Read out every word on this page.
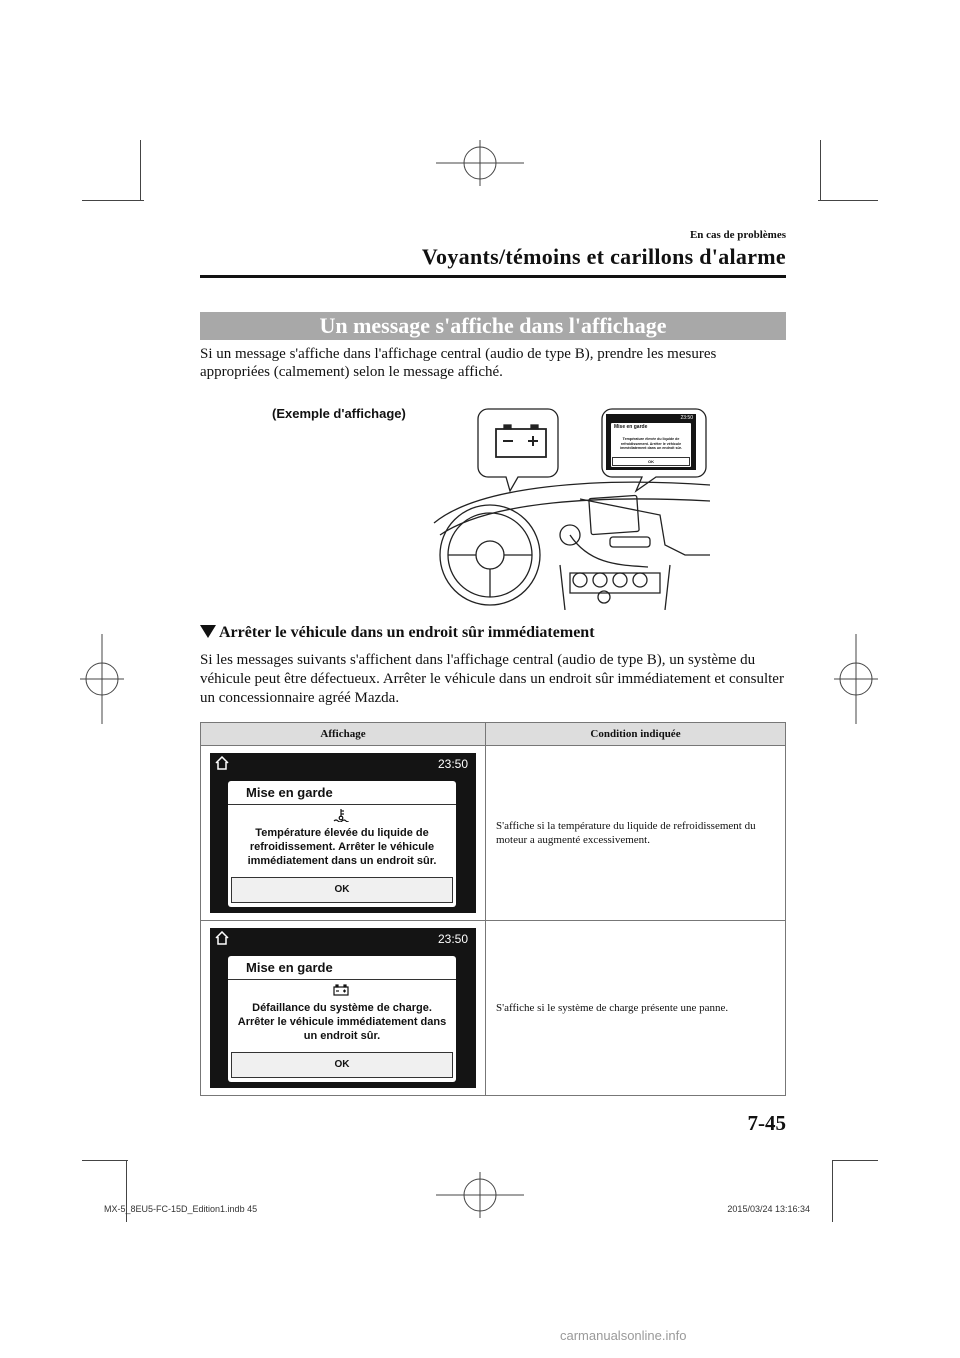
En cas de problèmes
Voyants/témoins et carillons d'alarme
Un message s'affiche dans l'affichage
Si un message s'affiche dans l'affichage central (audio de type B), prendre les mesures appropriées (calmement) selon le message affiché.
(Exemple d'affichage)	23:50
Mise en garde
Température élevée du liquide de refroidissement. Arrêter le véhicule immédiatement dans un endroit sûr.
OK
Arrêter le véhicule dans un endroit sûr immédiatement
Si les messages suivants s'affichent dans l'affichage central (audio de type B), un système du véhicule peut être défectueux. Arrêter le véhicule dans un endroit sûr immédiatement et consulter un concessionnaire agréé Mazda.
Affichage	Condition indiquée

23:50
Mise en garde
Température élevée du liquide de refroidissement. Arrêter le véhicule immédiatement dans un endroit sûr.
OK	S'affiche si la température du liquide de refroidissement du moteur a augmenté excessivement.

23:50
Mise en garde
Défaillance du système de charge. Arrêter le véhicule immédiatement dans un endroit sûr.
OK	S'affiche si le système de charge présente une panne.
7-45
MX-5_8EU5-FC-15D_Edition1.indb 45	2015/03/24 13:16:34
carmanualsonline.info
